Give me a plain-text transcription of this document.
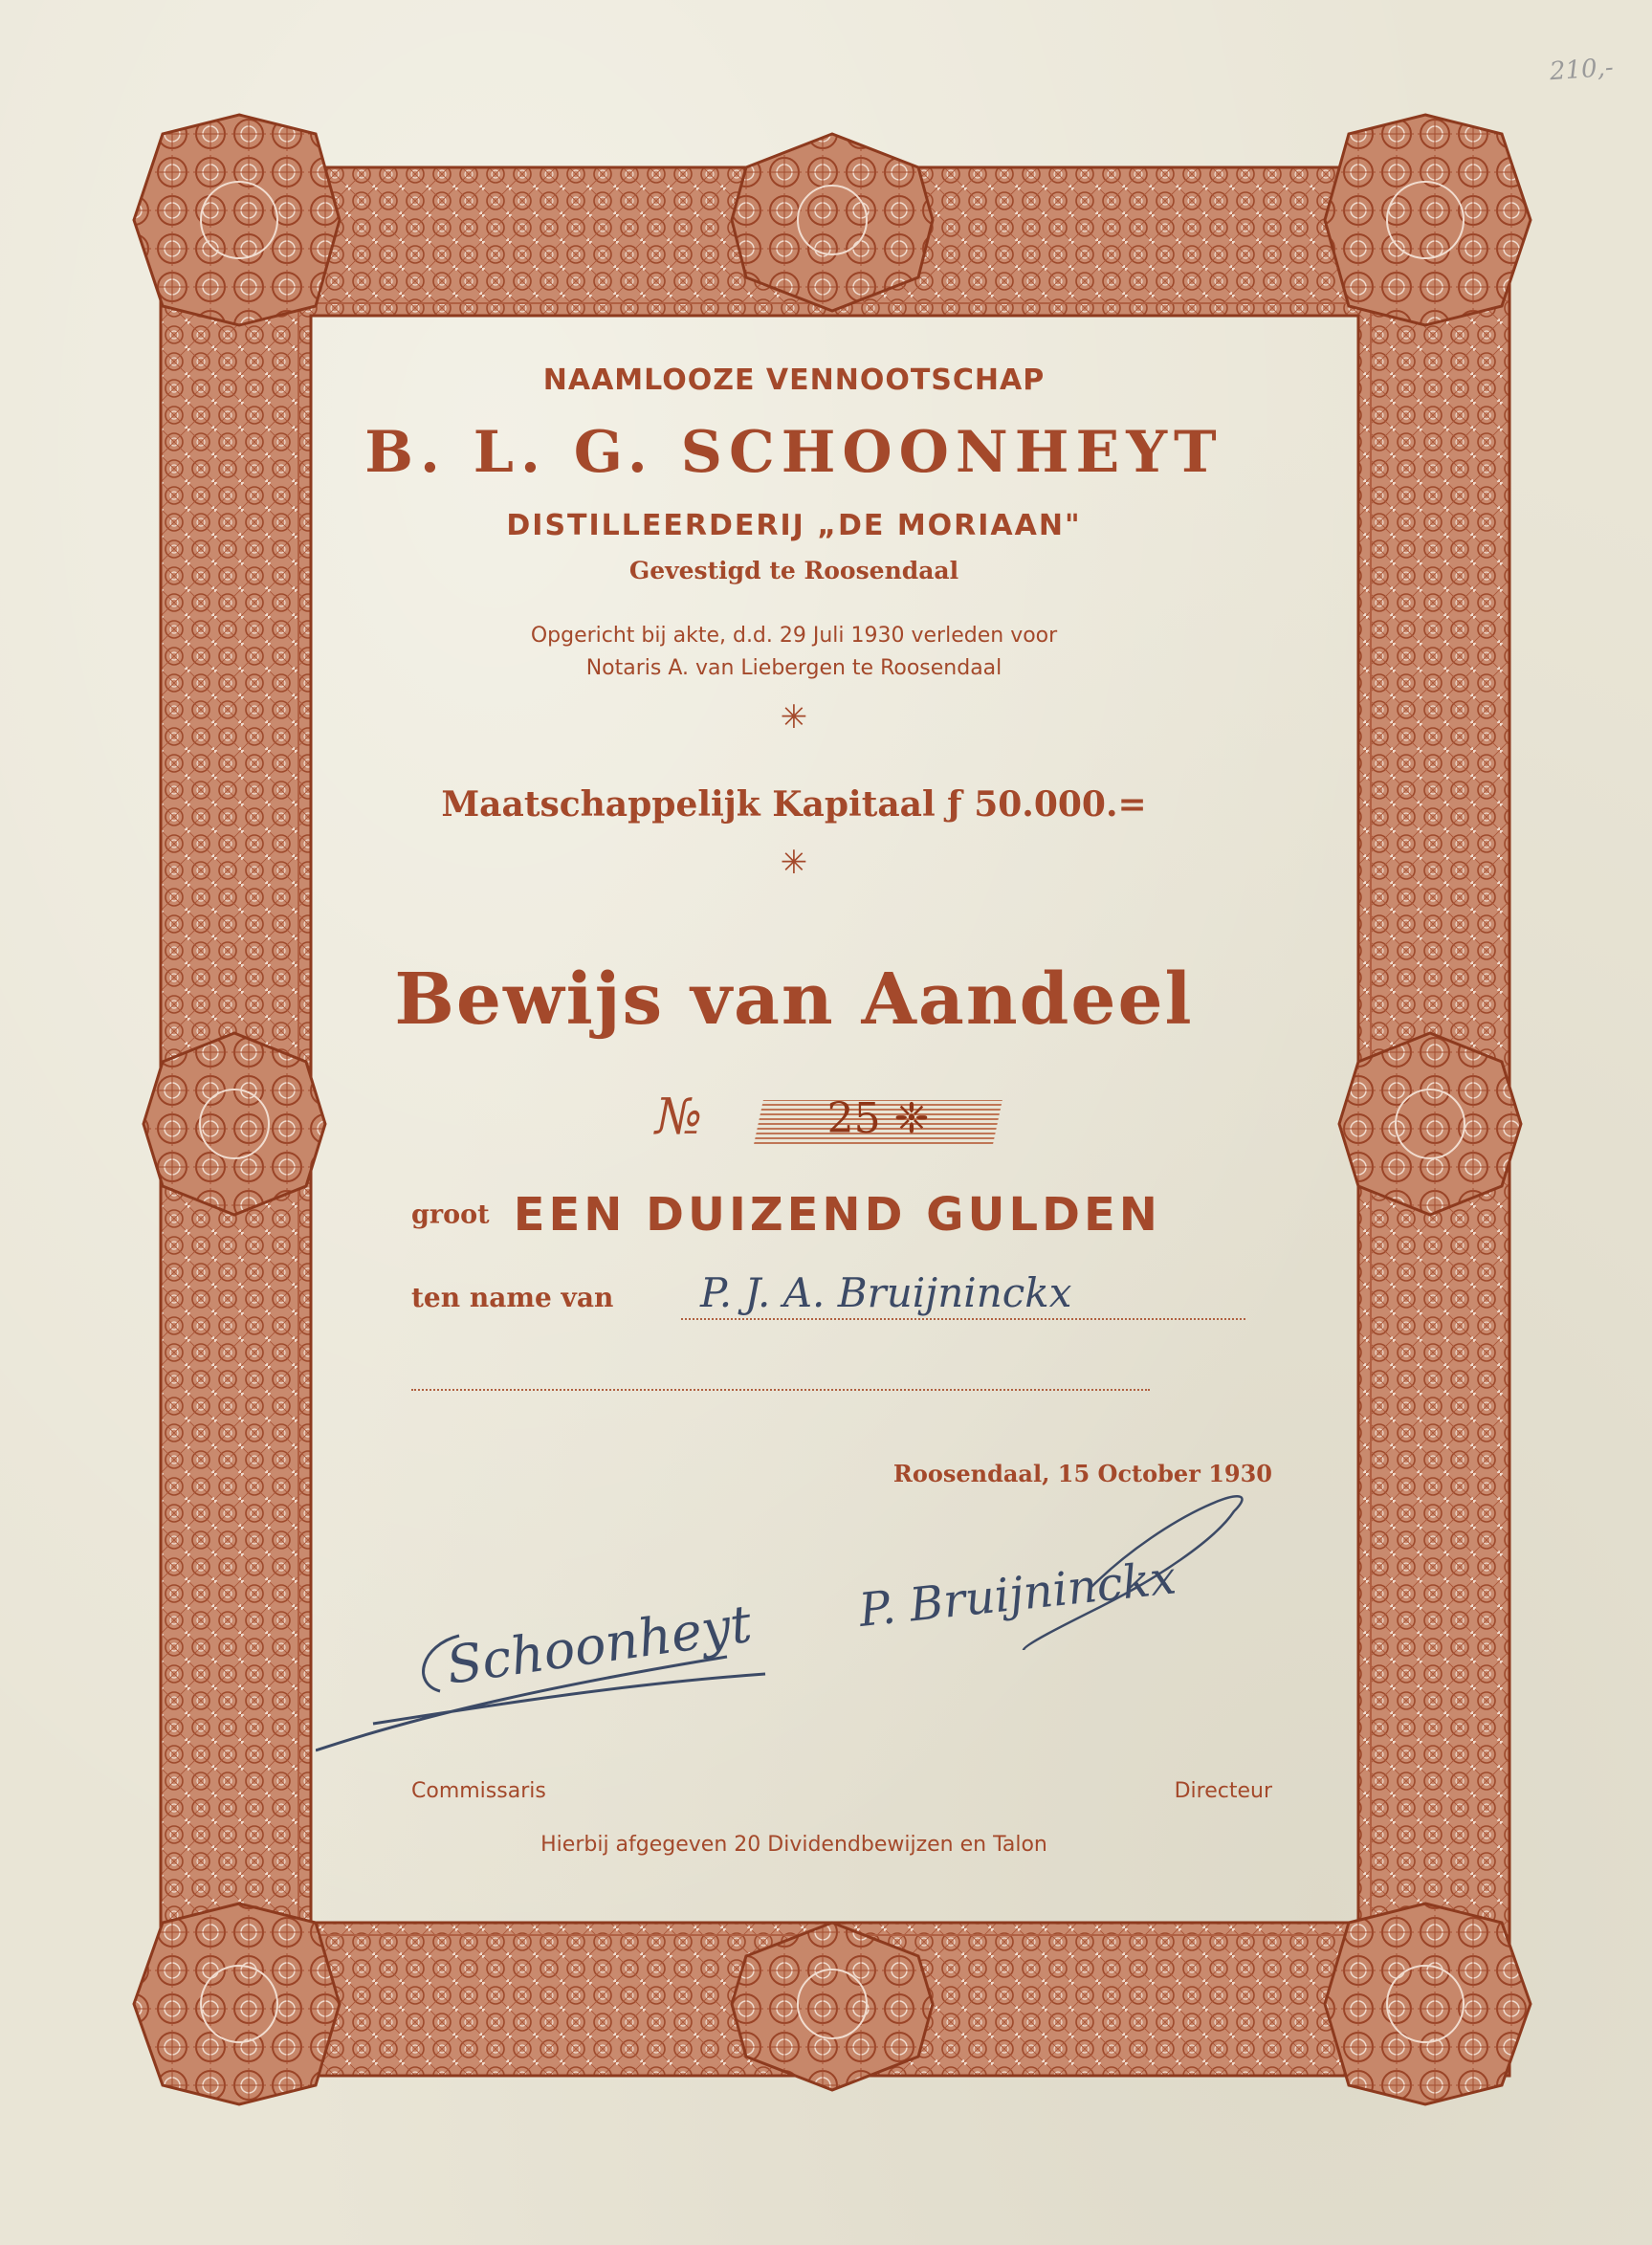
210,-
NAAMLOOZE VENNOOTSCHAP
B. L. G. SCHOONHEYT
DISTILLEERDERIJ „DE MORIAAN"
Gevestigd te Roosendaal
Opgericht bij akte, d.d. 29 Juli 1930 verleden voor
Notaris A. van Liebergen te Roosendaal
✳
Maatschappelijk Kapitaal ƒ 50.000.=
✳
Bewijs van Aandeel
№	25 ❈
groot EEN DUIZEND GULDEN
ten name van P. J. A. Bruijninckx
Roosendaal, 15 October 1930
Schoonheyt P. Bruijninckx
Commissaris	Directeur
Hierbij afgegeven 20 Dividendbewijzen en Talon
